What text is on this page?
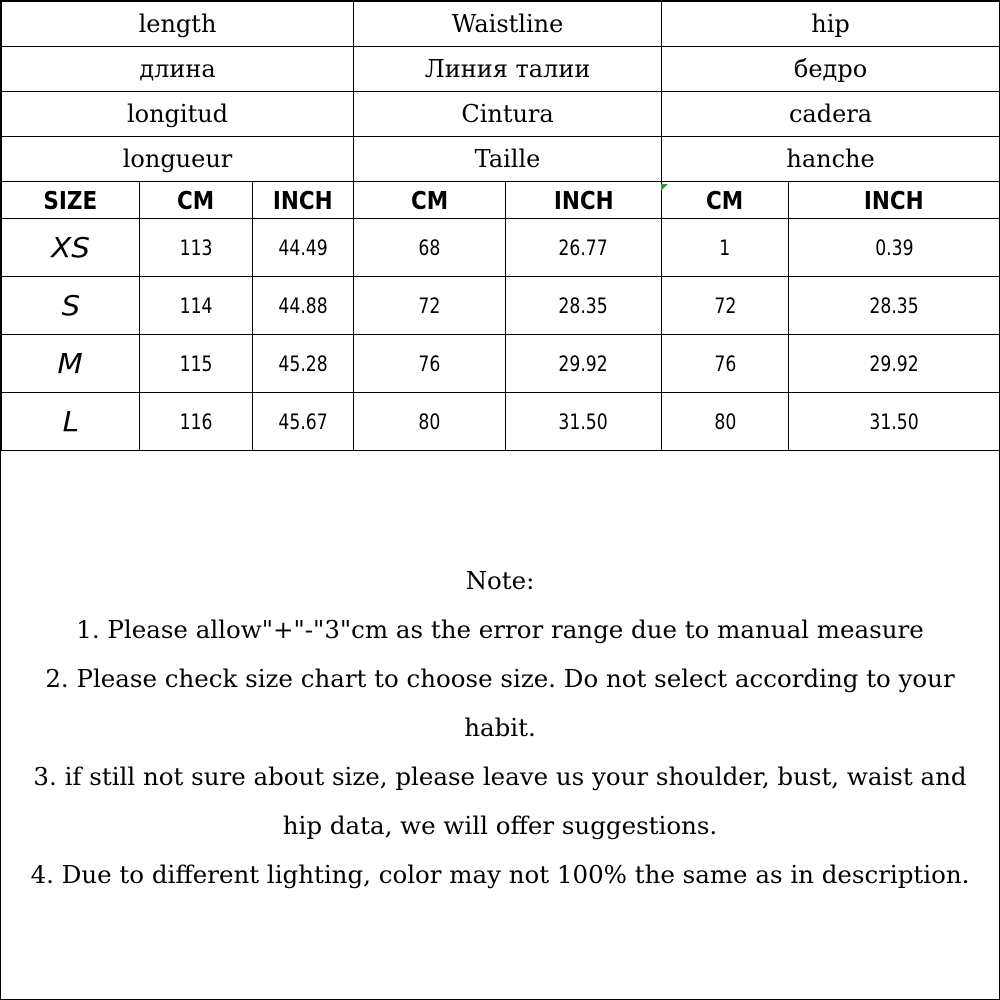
length			Waistline		hip	
длина			Линия талии		бедро	
longitud			Cintura		cadera	
longueur			Taille		hanche	
SIZE	CM	INCH	CM	INCH	CM	INCH
XS	113	44.49	68	26.77	1	0.39
S	114	44.88	72	28.35	72	28.35
M	115	45.28	76	29.92	76	29.92
L	116	45.67	80	31.50	80	31.50
Note:
1. Please allow"+"-"3"cm as the error range due to manual measure
2. Please check size chart to choose size. Do not select according to your
habit.
3. if still not sure about size, please leave us your shoulder, bust, waist and
hip data, we will offer suggestions.
4. Due to different lighting, color may not 100% the same as in description.
